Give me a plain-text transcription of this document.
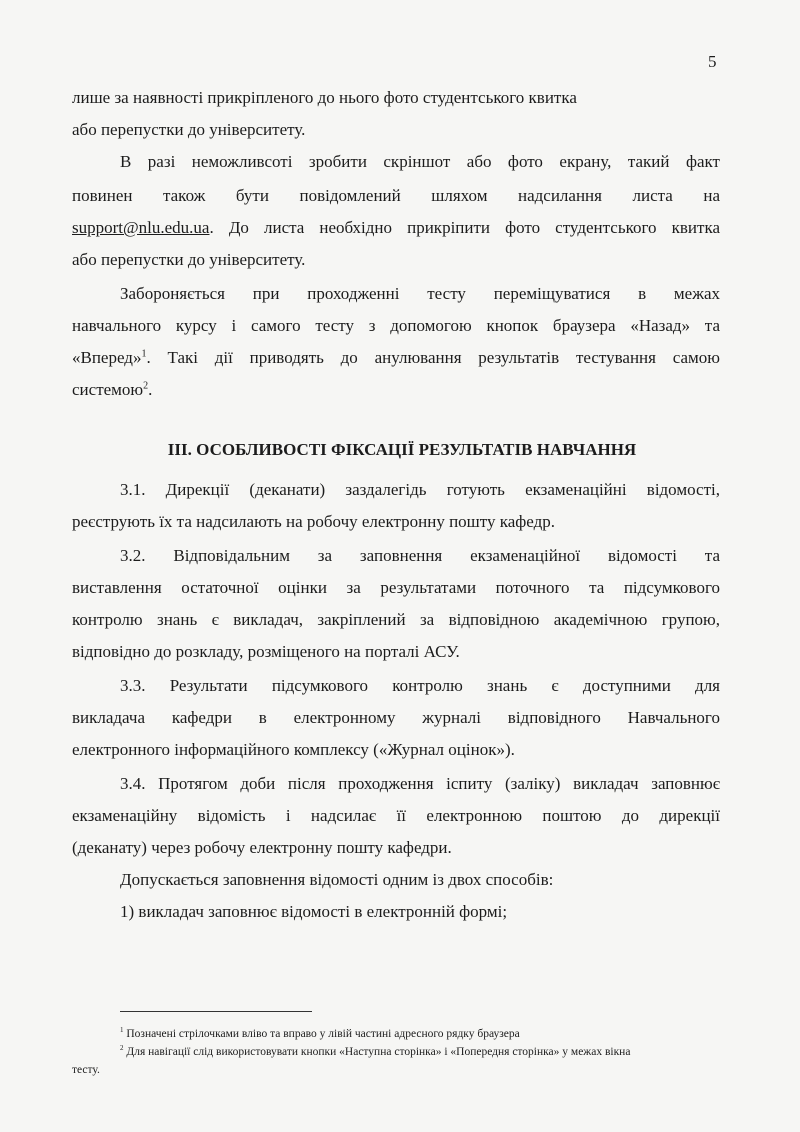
5
лише за наявності прикріпленого до нього фото студентського квитка
або перепустки до університету.
В разі неможливсоті зробити скріншот або фото екрану, такий факт
повинен також бути повідомлений шляхом надсилання листа на
support@nlu.edu.ua. До листа необхідно прикріпити фото студентського квитка
або перепустки до університету.
Забороняється при проходженні тесту переміщуватися в межах
навчального курсу і самого тесту з допомогою кнопок браузера «Назад» та
«Вперед»$^1$. Такі дії приводять до анулювання результатів тестування самою
системою$^2$.
ІІІ. ОСОБЛИВОСТІ ФІКСАЦІЇ РЕЗУЛЬТАТІВ НАВЧАННЯ
3.1. Дирекції (деканати) заздалегідь готують екзаменаційні відомості,
реєструють їх та надсилають на робочу електронну пошту кафедр.
3.2. Відповідальним за заповнення екзаменаційної відомості та
виставлення остаточної оцінки за результатами поточного та підсумкового
контролю знань є викладач, закріплений за відповідною академічною групою,
відповідно до розкладу, розміщеного на порталі АСУ.
3.3. Результати підсумкового контролю знань є доступними для
викладача кафедри в електронному журналі відповідного Навчального
електронного інформаційного комплексу («Журнал оцінок»).
3.4. Протягом доби після проходження іспиту (заліку) викладач заповнює
екзаменаційну відомість і надсилає її електронною поштою до дирекції
(деканату) через робочу електронну пошту кафедри.
Допускається заповнення відомості одним із двох способів:
1) викладач заповнює відомості в електронній формі;
$^1$ Позначені стрілочками вліво та вправо у лівій частині адресного рядку браузера
$^2$ Для навігації слід використовувати кнопки «Наступна сторінка» і «Попередня сторінка» у межах вікна
тесту.
